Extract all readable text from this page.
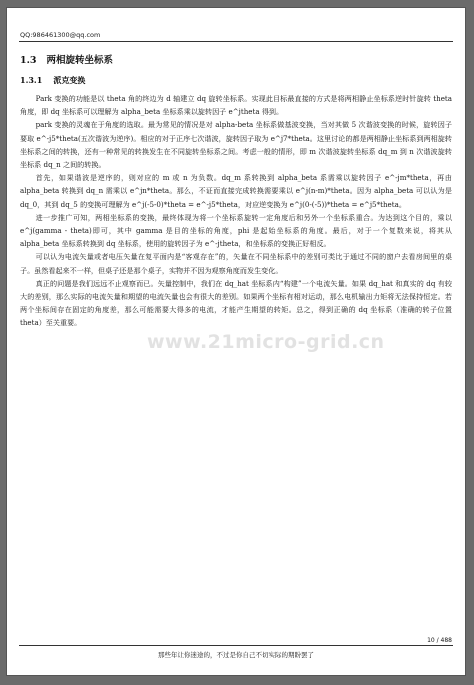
QQ:986461300@qq.com
1.3 两相旋转坐标系
1.3.1 派克变换

Park 变换的功能是以 theta 角的终边为 d 轴建立 dq 旋转坐标系。实现此目标最直接的方式是将两相静止坐标系逆时针旋转 theta 角度，即 dq 坐标系可以理解为 alpha_beta 坐标系乘以旋转因子 e^jtheta 得到。

park 变换的灵魂在于角度的选取。最为常见的情况是对 alpha-beta 坐标系做基波变换，当对其做 5 次谐波变换的时候，旋转因子要取 e^-j5*theta(五次谐波为逆序)。相应的对于正序七次谐波，旋转因子取为 e^j7*theta。这里讨论的都是两相静止坐标系到两相旋转坐标系之间的转换，还有一种常见的转换发生在不同旋转坐标系之间。考虑一般的情形，即 m 次谐波旋转坐标系 dq_m 到 n 次谐波旋转坐标系 dq_n 之间的转换。

首先，如果谐波是逆序的，则对应的 m 或 n 为负数。dq_m 系转换到 alpha_beta 系需乘以旋转因子 e^-jm*theta，再由 alpha_beta 转换到 dq_n 需乘以 e^jn*theta。那么，不证而直接完成转换需要乘以 e^j(n-m)*theta。因为 alpha_beta 可以认为是 dq_0，其到 dq_5 的变换可理解为 e^j(-5-0)*theta = e^-j5*theta，对应逆变换为 e^j(0-(-5))*theta = e^j5*theta。

进一步推广可知，两相坐标系的变换，最终体现为将一个坐标系旋转一定角度后和另外一个坐标系重合。为达到这个目的，乘以 e^j(gamma - theta)即可，其中 gamma 是目的坐标的角度，phi 是起始坐标系的角度。最后，对于一个复数来说，将其从 alpha_beta 坐标系转换到 dq 坐标系，使用的旋转因子为 e^-jtheta，和坐标系的变换正好相反。

可以认为电流矢量或者电压矢量在复平面内是“客观存在”的，矢量在不同坐标系中的差别可类比于通过不同的窗户去看房间里的桌子。虽然看起来不一样，但桌子还是那个桌子，实物并不因为观察角度而发生变化。

真正的问题是我们远远不止观察而已。矢量控制中，我们在 dq_hat 坐标系内“构建”一个电流矢量。如果 dq_hat 和真实的 dq 有较大的差别，那么实际的电流矢量和期望的电流矢量也会有很大的差别。如果两个坐标有相对运动，那么电机输出力矩将无法保持恒定。若两个坐标间存在固定的角度差，那么可能需要大得多的电流，才能产生期望的转矩。总之，得到正确的 dq 坐标系（准确的转子位置 theta）至关重要。

www.21micro-grid.cn
10 / 488
那些年让你迷途的，不过是你自己不切实际的期盼罢了
